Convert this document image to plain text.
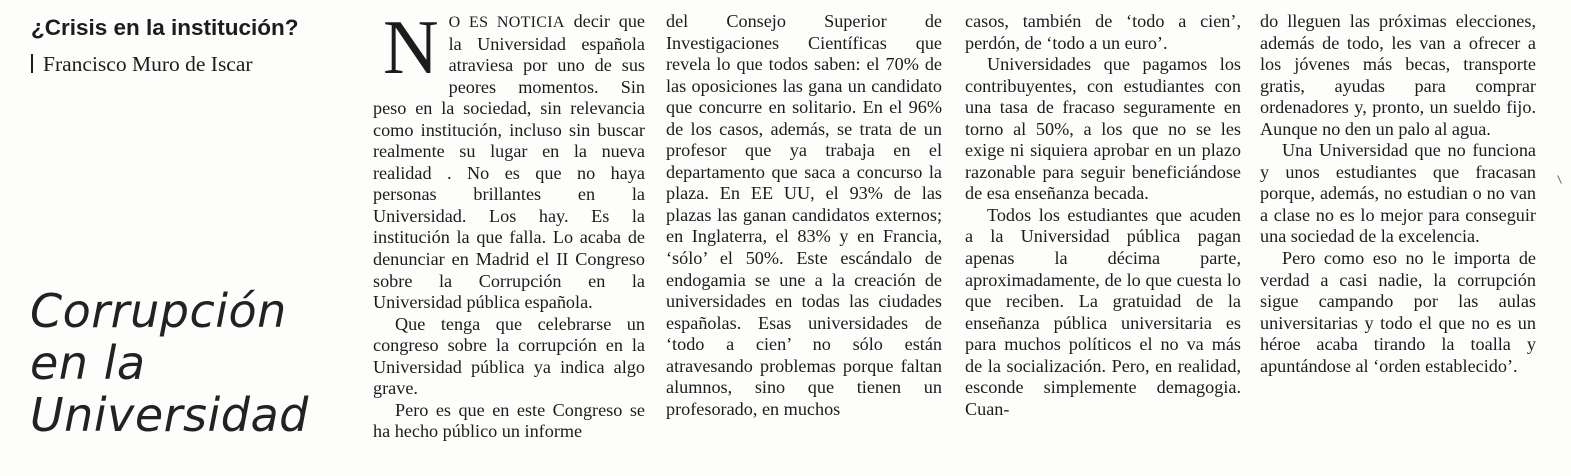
¿Crisis en la institución?
Francisco Muro de Iscar
Corrupción
en la
Universidad

N O ES NOTICIA decir que la Universidad española atraviesa por uno de sus peores momentos. Sin peso en la sociedad, sin relevancia como institución, incluso sin buscar realmente su lugar en la nueva realidad . No es que no haya personas brillantes en la Universidad. Los hay. Es la institución la que falla. Lo acaba de denunciar en Madrid el II Congreso sobre la Corrupción en la Universidad pública española.

Que tenga que celebrarse un congreso sobre la corrupción en la Universidad pública ya indica algo grave.

Pero es que en este Congreso se ha hecho público un informe

del Consejo Superior de Investigaciones Científicas que revela lo que todos saben: el 70% de las oposiciones las gana un candidato que concurre en solitario. En el 96% de los casos, además, se trata de un profesor que ya trabaja en el departamento que saca a concurso la plaza. En EE UU, el 93% de las plazas las ganan candidatos externos; en Inglaterra, el 83% y en Francia, ‘sólo’ el 50%. Este escándalo de endogamia se une a la creación de universidades en todas las ciudades españolas. Esas universidades de ‘todo a cien’ no sólo están atravesando problemas porque faltan alumnos, sino que tienen un profesorado, en muchos

casos, también de ‘todo a cien’, perdón, de ‘todo a un euro’.

Universidades que pagamos los contribuyentes, con estudiantes con una tasa de fracaso seguramente en torno al 50%, a los que no se les exige ni siquiera aprobar en un plazo razonable para seguir beneficiándose de esa enseñanza becada.

Todos los estudiantes que acuden a la Universidad pública pagan apenas la décima parte, aproximadamente, de lo que cuesta lo que reciben. La gratuidad de la enseñanza pública universitaria es para muchos políticos el no va más de la socialización. Pero, en realidad, esconde simplemente demagogia. Cuan-

do lleguen las próximas elecciones, además de todo, les van a ofrecer a los jóvenes más becas, transporte gratis, ayudas para comprar ordenadores y, pronto, un sueldo fijo. Aunque no den un palo al agua.

Una Universidad que no funciona y unos estudiantes que fracasan porque, además, no estudian o no van a clase no es lo mejor para conseguir una sociedad de la excelencia.

Pero como eso no le importa de verdad a casi nadie, la corrupción sigue campando por las aulas universitarias y todo el que no es un héroe acaba tirando la toalla y apuntándose al ‘orden establecido’.
